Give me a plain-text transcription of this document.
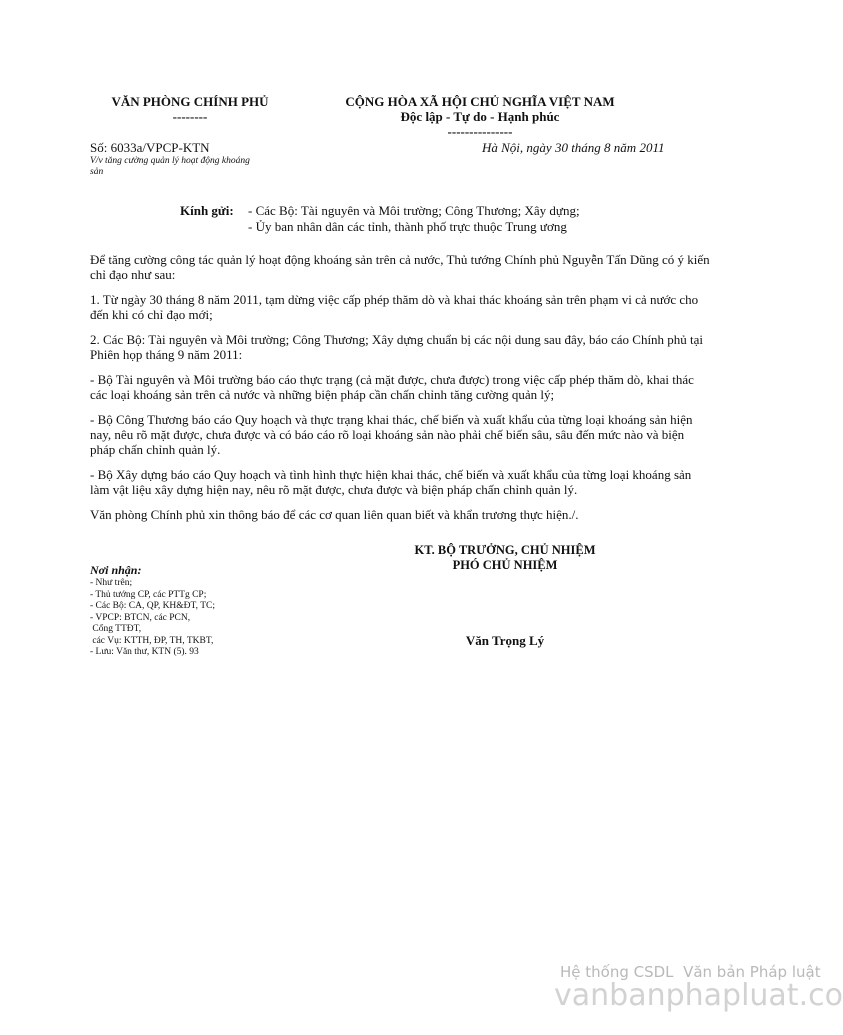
VĂN PHÒNG CHÍNH PHỦ
--------
CỘNG HÒA XÃ HỘI CHỦ NGHĨA VIỆT NAM
Độc lập - Tự do - Hạnh phúc
---------------
Số: 6033a/VPCP-KTN
V/v tăng cường quản lý hoạt động khoáng
sản
Hà Nội, ngày 30 tháng 8 năm 2011
Kính gửi: - Các Bộ: Tài nguyên và Môi trường; Công Thương; Xây dựng;
- Ủy ban nhân dân các tỉnh, thành phố trực thuộc Trung ương

Để tăng cường công tác quản lý hoạt động khoáng sản trên cả nước, Thủ tướng Chính phủ Nguyễn Tấn Dũng có ý kiến chỉ đạo như sau:

1. Từ ngày 30 tháng 8 năm 2011, tạm dừng việc cấp phép thăm dò và khai thác khoáng sản trên phạm vi cả nước cho đến khi có chỉ đạo mới;

2. Các Bộ: Tài nguyên và Môi trường; Công Thương; Xây dựng chuẩn bị các nội dung sau đây, báo cáo Chính phủ tại Phiên họp tháng 9 năm 2011:

- Bộ Tài nguyên và Môi trường báo cáo thực trạng (cả mặt được, chưa được) trong việc cấp phép thăm dò, khai thác các loại khoáng sản trên cả nước và những biện pháp cần chấn chỉnh tăng cường quản lý;

- Bộ Công Thương báo cáo Quy hoạch và thực trạng khai thác, chế biến và xuất khẩu của từng loại khoáng sản hiện nay, nêu rõ mặt được, chưa được và có báo cáo rõ loại khoáng sản nào phải chế biến sâu, sâu đến mức nào và biện pháp chấn chỉnh quản lý.

- Bộ Xây dựng báo cáo Quy hoạch và tình hình thực hiện khai thác, chế biến và xuất khẩu của từng loại khoáng sản làm vật liệu xây dựng hiện nay, nêu rõ mặt được, chưa được và biện pháp chấn chỉnh quản lý.

Văn phòng Chính phủ xin thông báo để các cơ quan liên quan biết và khẩn trương thực hiện./.

KT. BỘ TRƯỞNG, CHỦ NHIỆM
PHÓ CHỦ NHIỆM
Văn Trọng Lý
Nơi nhận:
- Như trên;
- Thủ tướng CP, các PTTg CP;
- Các Bộ: CA, QP, KH&ĐT, TC;
- VPCP: BTCN, các PCN,
Cổng TTĐT,
các Vụ: KTTH, ĐP, TH, TKBT,
- Lưu: Văn thư, KTN (5). 93
Hệ thống CSDL  Văn bản Pháp luật
vanbanphapluat.co
